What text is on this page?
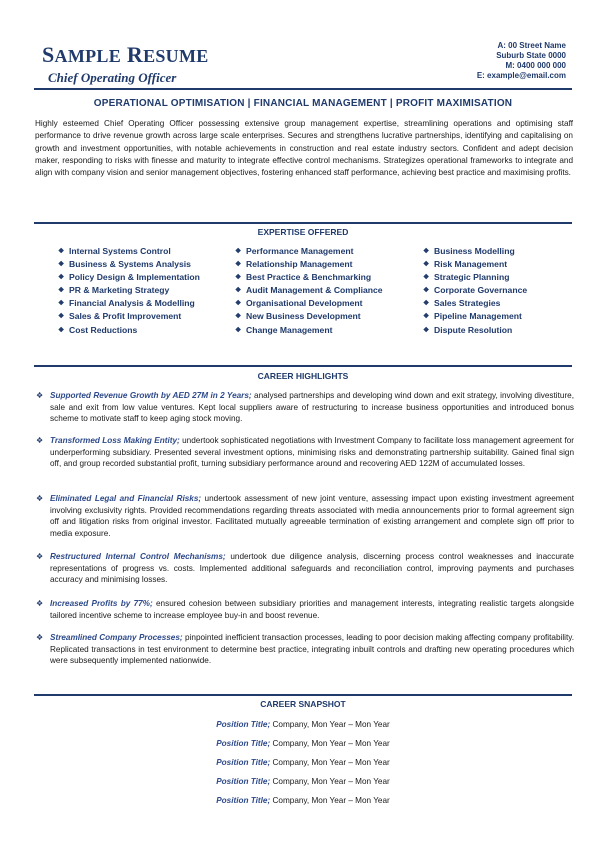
SAMPLE RESUME
Chief Operating Officer
A: 00 Street Name
Suburb State 0000
M: 0400 000 000
E: example@email.com
OPERATIONAL OPTIMISATION | FINANCIAL MANAGEMENT | PROFIT MAXIMISATION
Highly esteemed Chief Operating Officer possessing extensive group management expertise, streamlining operations and optimising staff performance to drive revenue growth across large scale enterprises. Secures and strengthens lucrative partnerships, identifying and capitalising on growth and investment opportunities, with notable achievements in construction and real estate industry sectors. Confident and adept decision maker, responding to risks with finesse and maturity to integrate effective control mechanisms. Strategizes operational frameworks to integrate and align with company vision and senior management objectives, fostering enhanced staff performance, achieving best practice and maximising profits.
EXPERTISE OFFERED
❖ Internal Systems Control
❖ Business & Systems Analysis
❖ Policy Design & Implementation
❖ PR & Marketing Strategy
❖ Financial Analysis & Modelling
❖ Sales & Profit Improvement
❖ Cost Reductions
❖ Performance Management
❖ Relationship Management
❖ Best Practice & Benchmarking
❖ Audit Management & Compliance
❖ Organisational Development
❖ New Business Development
❖ Change Management
❖ Business Modelling
❖ Risk Management
❖ Strategic Planning
❖ Corporate Governance
❖ Sales Strategies
❖ Pipeline Management
❖ Dispute Resolution
CAREER HIGHLIGHTS
❖ Supported Revenue Growth by AED 27M in 2 Years; analysed partnerships and developing wind down and exit strategy, involving divestiture, sale and exit from low value ventures. Kept local suppliers aware of restructuring to increase business opportunities and introduced bonus scheme to motivate staff to keep aging stock moving.
❖ Transformed Loss Making Entity; undertook sophisticated negotiations with Investment Company to facilitate loss management agreement for underperforming subsidiary. Presented several investment options, minimising risks and demonstrating partnership suitability. Gained final sign off, and group recorded substantial profit, turning subsidiary performance around and recovering AED 122M of accumulated losses.
❖ Eliminated Legal and Financial Risks; undertook assessment of new joint venture, assessing impact upon existing investment agreement involving exclusivity rights. Provided recommendations regarding threats associated with media announcements prior to formal agreement sign off and litigation risks from original investor. Facilitated mutually agreeable termination of existing arrangement and complete sign off prior to media exposure.
❖ Restructured Internal Control Mechanisms; undertook due diligence analysis, discerning process control weaknesses and inaccurate representations of progress vs. costs. Implemented additional safeguards and reconciliation control, improving payments and purchases accuracy and minimising losses.
❖ Increased Profits by 77%; ensured cohesion between subsidiary priorities and management interests, integrating realistic targets alongside tailored incentive scheme to increase employee buy-in and boost revenue.
❖ Streamlined Company Processes; pinpointed inefficient transaction processes, leading to poor decision making affecting company profitability. Replicated transactions in test environment to determine best practice, integrating inbuilt controls and drafting new operating procedures which were subsequently implemented nationwide.
CAREER SNAPSHOT
Position Title; Company, Mon Year – Mon Year
Position Title; Company, Mon Year – Mon Year
Position Title; Company, Mon Year – Mon Year
Position Title; Company, Mon Year – Mon Year
Position Title; Company, Mon Year – Mon Year
